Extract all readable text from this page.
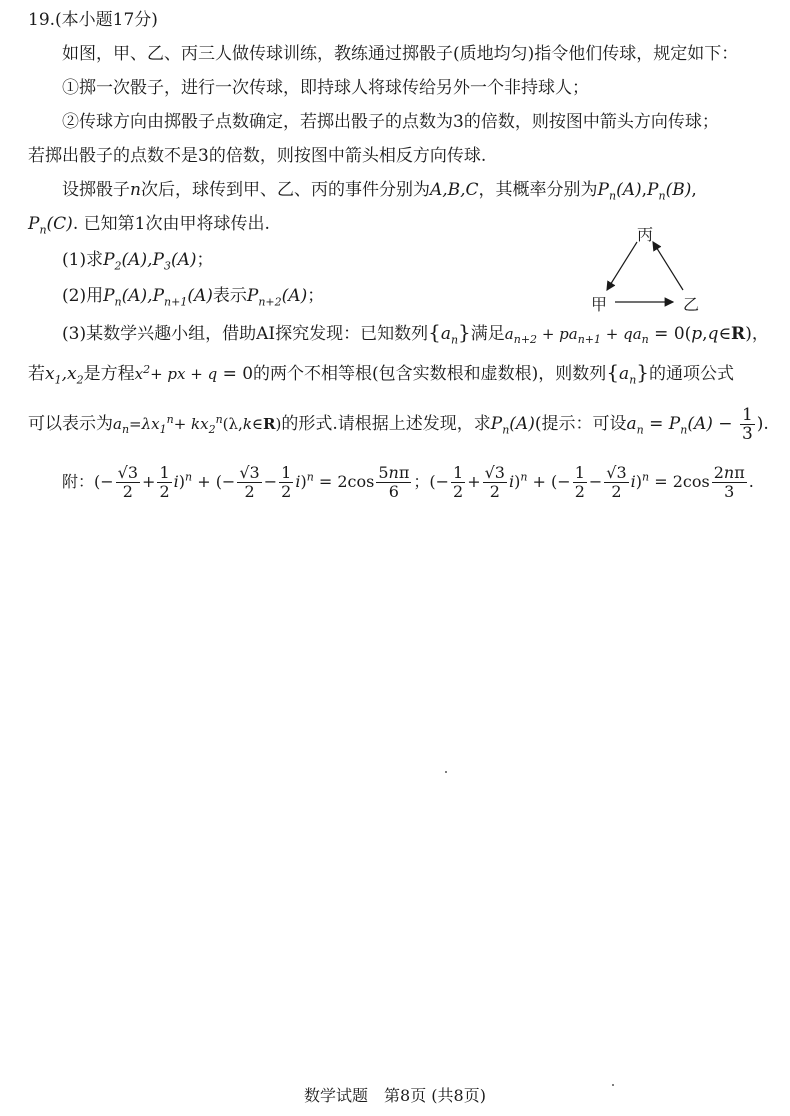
19.(本小题17分)
如图，甲、乙、丙三人做传球训练，教练通过掷骰子(质地均匀)指令他们传球，规定如下：
①掷一次骰子，进行一次传球，即持球人将球传给另外一个非持球人；
②传球方向由掷骰子点数确定，若掷出骰子的点数为3的倍数，则按图中箭头方向传球；
若掷出骰子的点数不是3的倍数，则按图中箭头相反方向传球.
设掷骰子n次后，球传到甲、乙、丙的事件分别为A,B,C，其概率分别为$P_n(A),P_n(B)$,
$P_n(C)$. 已知第1次由甲将球传出.
丙
甲	乙
(1)求$P_2(A),P_3(A)$；
(2)用$P_n(A),P_{n+1}(A)$表示$P_{n+2}(A)$；
(3)某数学兴趣小组，借助AI探究发现：已知数列$\{a_n\}$满足$a_{n+2} + pa_{n+1} + qa_n$ = 0(p,q∈R)，
若$x_1,x_2$是方程$x^2+$ px + q = 0的两个不相等根(包含实数根和虚数根)，则数列$\{a_n\}$的通项公式
可以表示为$a_n=\lambda x_1^n+$ $kx_2^n(\lambda,k\in R)$的形式.请根据上述发现，求$P_n(A)$(提示：可设$a_n = P_n(A) - \frac{1}{3}$ ).
附：(− $\frac{√3}{2} + \frac{1}{2} i)^n$ + (− $\frac{√3}{2} - \frac{1}{2} i)^n = 2\cos \frac{5n\pi}{6}$ ；(− $\frac{1}{2} + \frac{√3}{2} i)^n$ + (− $\frac{1}{2} - \frac{√3}{2} i)^n = 2\cos \frac{2n\pi}{3}$ .
数学试题　第8页 (共8页)
